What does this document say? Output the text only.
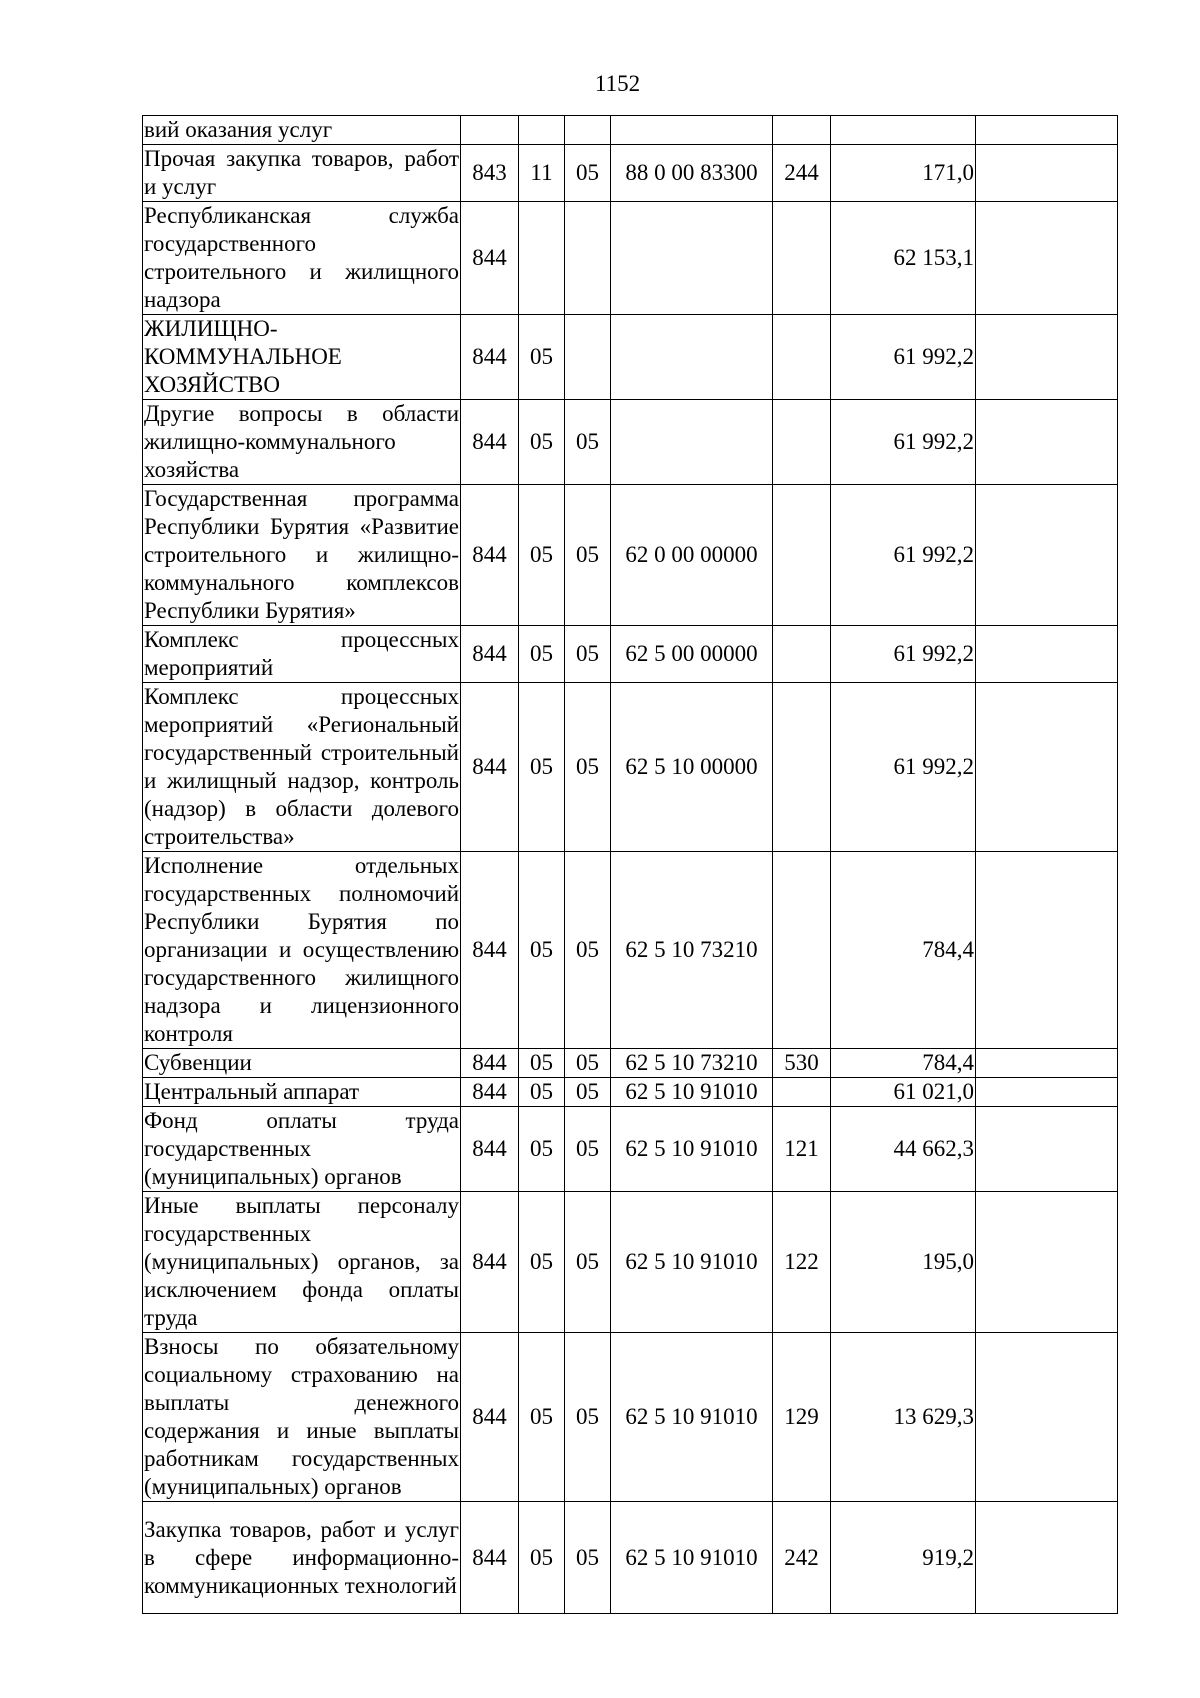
1152
вий оказания услуг							
Прочая закупка товаров, работ и услуг	843	11	05	88 0 00 83300	244	171,0	
Республиканская служба государственного строительного и жилищного надзора	844					62 153,1	
ЖИЛИЩНО-КОММУНАЛЬНОЕ ХОЗЯЙСТВО	844	05				61 992,2	
Другие вопросы в области жилищно-коммунального хозяйства	844	05	05			61 992,2	
Государственная программа Республики Бурятия «Развитие строительного и жилищно-коммунального комплексов Республики Бурятия»	844	05	05	62 0 00 00000		61 992,2	
Комплекс процессных мероприятий	844	05	05	62 5 00 00000		61 992,2	
Комплекс процессных мероприятий «Региональный государственный строительный и жилищный надзор, контроль (надзор) в области долевого строительства»	844	05	05	62 5 10 00000		61 992,2	
Исполнение отдельных государственных полномочий Республики Бурятия по организации и осуществлению государственного жилищного надзора и лицензионного контроля	844	05	05	62 5 10 73210		784,4	
Субвенции	844	05	05	62 5 10 73210	530	784,4	
Центральный аппарат	844	05	05	62 5 10 91010		61 021,0	
Фонд оплаты труда государственных (муниципальных) органов	844	05	05	62 5 10 91010	121	44 662,3	
Иные выплаты персоналу государственных (муниципальных) органов, за исключением фонда оплаты труда	844	05	05	62 5 10 91010	122	195,0	
Взносы по обязательному социальному страхованию на выплаты денежного содержания и иные выплаты работникам государственных (муниципальных) органов	844	05	05	62 5 10 91010	129	13 629,3	
Закупка товаров, работ и услуг в сфере информационно-коммуникационных технологий	844	05	05	62 5 10 91010	242	919,2	
